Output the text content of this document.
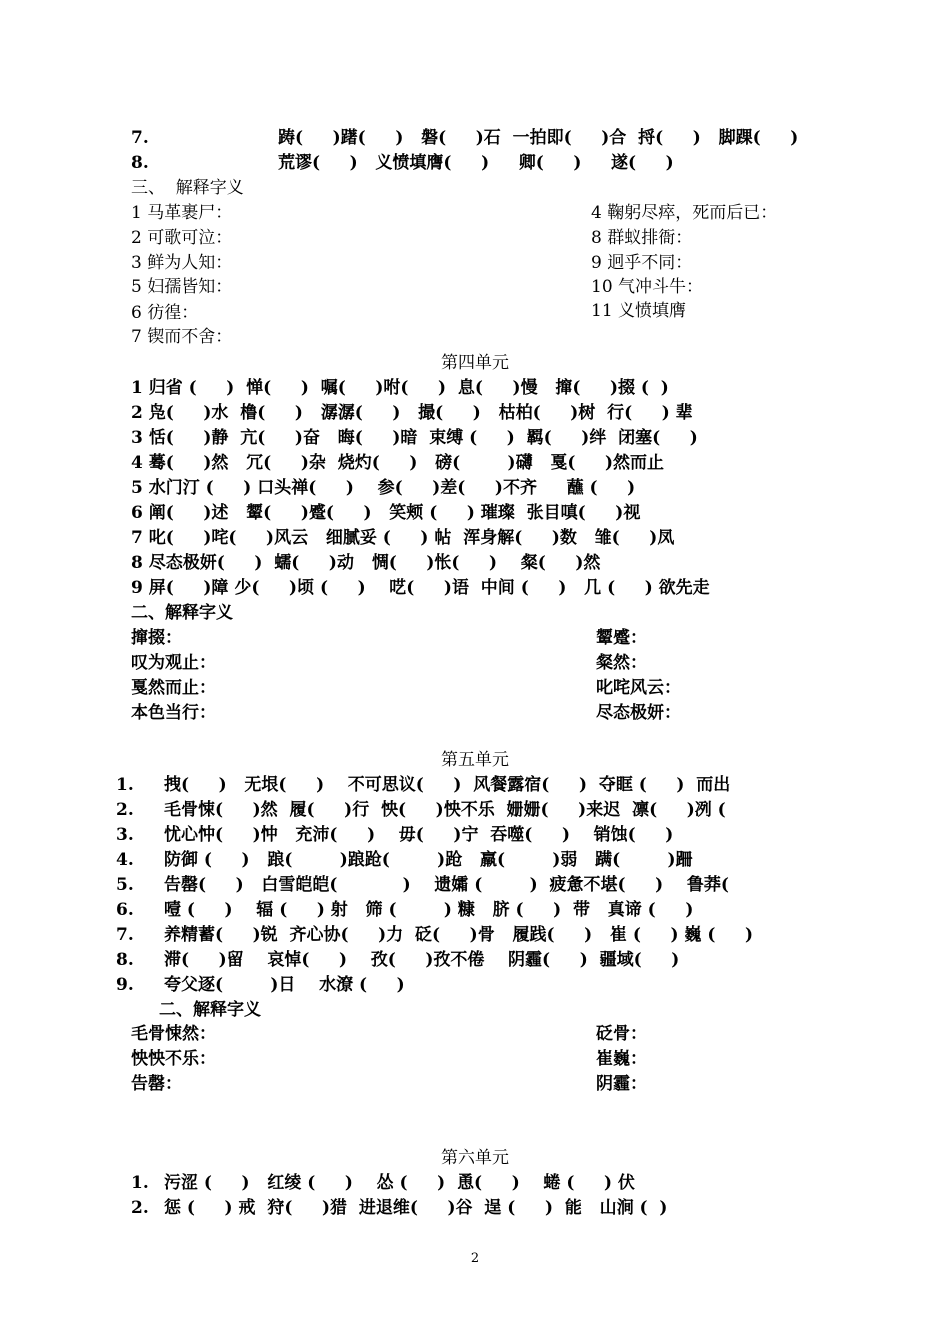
7.	踌(     )躇(     )   磐(     )石  一拍即(     )合  捋(     )   脚踝(     )
8.	荒谬(     )   义愤填膺(     )     卿(     )     遂(     )
三、  解释字义
1 马革裹尸：
2 可歌可泣：
3 鲜为人知：
5 妇孺皆知：
6 彷徨：
7 锲而不舍：
4 鞠躬尽瘁，死而后已：
8 群蚁排衙：
9 迥乎不同：
10 气冲斗牛：
11 义愤填膺
第四单元
1 归省 (     )  惮(     )  嘱(     )咐(     )  息(     )慢   撺(     )掇 (  )
2 凫(     )水  橹(     )   潺潺(     )   撮(     )   枯柏(     )树  行(     ) 辈
3 恬(     )静  亢(     )奋   晦(     )暗  束缚 (     )  羁(     )绊  闭塞(     )
4 蓦(     )然   冗(     )杂  烧灼(     )   磅(        )礴   戛(     )然而止
5 水门汀 (     ) 口头禅(     )    参(     )差(     )不齐     蘸 (     )
6 阐(     )述   颦(     )蹙(     )   笑颊 (     ) 璀璨  张目嗔(     )视
7 叱(     )咤(     )风云   细腻妥 (     ) 帖  浑身解(     )数   雏(     )凤
8 尽态极妍(     )  蠕(     )动   惆(     )怅(     )    粲(     )然
9 屏(     )障 少(     )顷 (     )    呓(     )语  中间 (     )   几 (     ) 欲先走
二、解释字义
撺掇：
叹为观止：
戛然而止：
本色当行：
颦蹙：
粲然：
叱咤风云：
尽态极妍：
第五单元
1. 拽(     )   无垠(     )    不可思议(     )  风餐露宿(     )  夺眶 (     )  而出
2. 毛骨悚(     )然  履(     )行  怏(     )怏不乐  姗姗(     )来迟  凛(     )冽 (
3. 忧心忡(     )忡   充沛(     )    毋(     )宁  吞噬(     )    销蚀(     )
4. 防御 (     )   踉(        )踉跄(        )跄   羸(        )弱   蹒(        )跚
5. 告罄(     )   白雪皑皑(           )    遗孀 (        )  疲惫不堪(     )    鲁莽(
6. 噎 (     )    辐 (     ) 射   筛 (        ) 糠   脐 (     )  带   真谛 (     )
7. 养精蓄(     )锐  齐心协(     )力  砭(     )骨   履践(     )   崔 (     ) 巍 (     )
8. 滞(     )留    哀悼(     )    孜(     )孜不倦    阴霾(     )  疆域(     )
9. 夸父逐(        )日    水潦 (     )
二、解释字义
毛骨悚然：
怏怏不乐：
告罄：
砭骨：
崔巍：
阴霾：
第六单元
1. 污涩 (     )   红绫 (     )    怂 (     )  恿(     )    蜷 (     ) 伏
2. 惩 (     ) 戒  狩(     )猎  进退维(     )谷  逞 (     )  能   山涧 (  )
2
